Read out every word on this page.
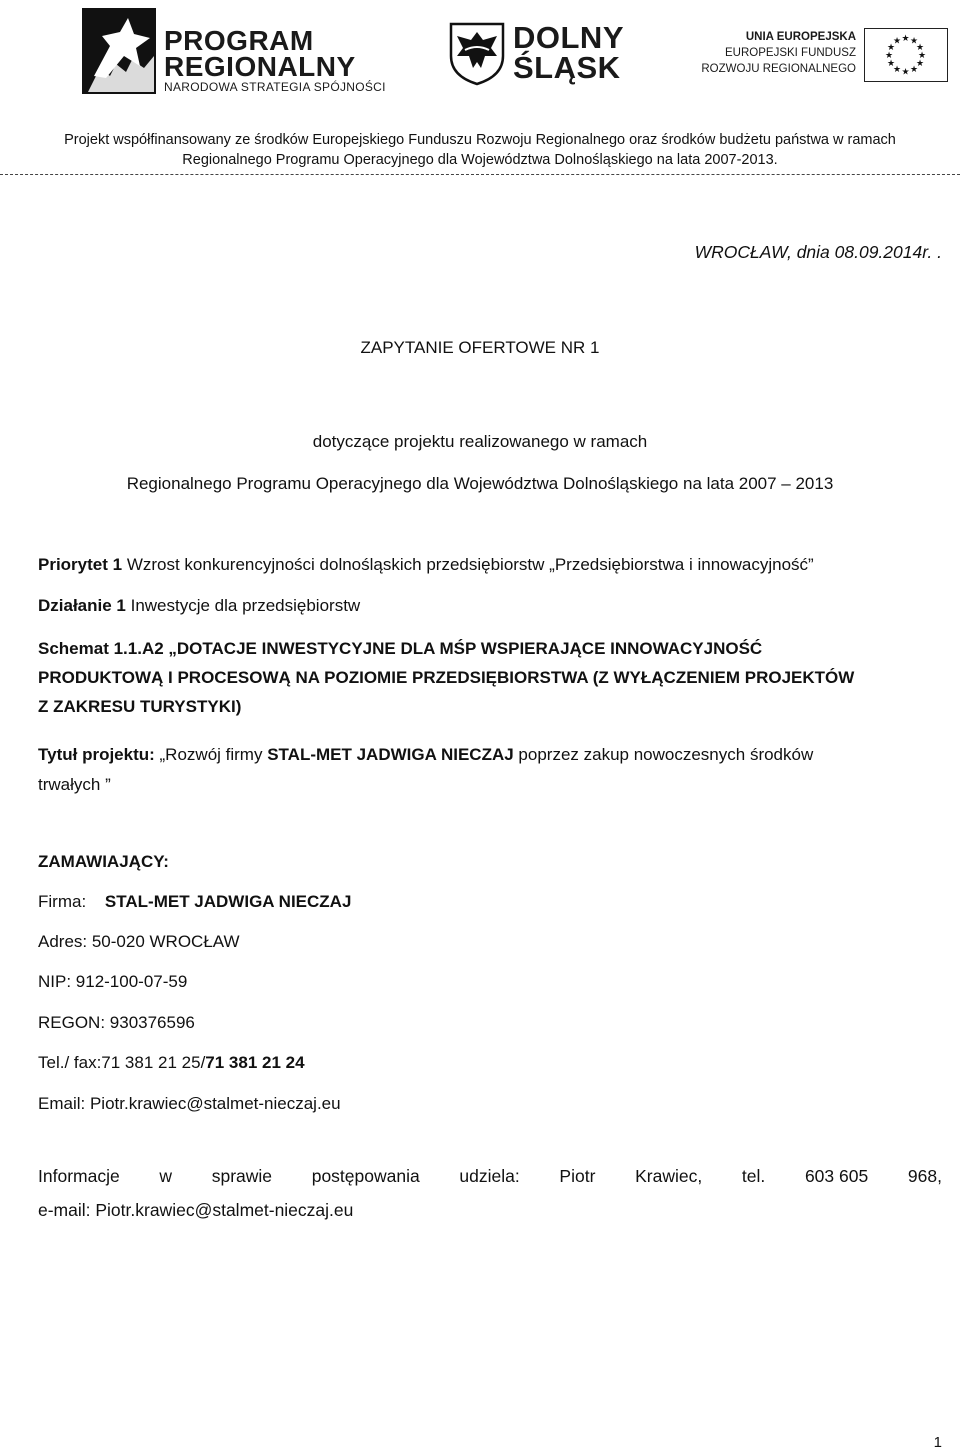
PROGRAM
REGIONALNY
NARODOWA STRATEGIA SPÓJNOŚCI
DOLNY
ŚLĄSK
UNIA EUROPEJSKA
EUROPEJSKI FUNDUSZ
ROZWOJU REGIONALNEGO
★ ★
★
★
★
★
★
★
★
★
★
★
Projekt współfinansowany ze środków Europejskiego Funduszu Rozwoju Regionalnego oraz środków budżetu państwa w ramach
Regionalnego Programu Operacyjnego dla Województwa Dolnośląskiego na lata 2007-2013.
WROCŁAW, dnia 08.09.2014r. .
ZAPYTANIE OFERTOWE NR 1
dotyczące projektu realizowanego w ramach
Regionalnego Programu Operacyjnego dla Województwa Dolnośląskiego na lata 2007 – 2013
Priorytet 1 Wzrost konkurencyjności dolnośląskich przedsiębiorstw „Przedsiębiorstwa i innowacyjność”
Działanie 1 Inwestycje dla przedsiębiorstw
Schemat 1.1.A2 „DOTACJE INWESTYCYJNE DLA MŚP WSPIERAJĄCE INNOWACYJNOŚĆ
PRODUKTOWĄ I PROCESOWĄ NA POZIOMIE PRZEDSIĘBIORSTWA (Z WYŁĄCZENIEM PROJEKTÓW
Z ZAKRESU TURYSTYKI)
Tytuł projektu: „Rozwój firmy STAL-MET JADWIGA NIECZAJ poprzez zakup nowoczesnych środków
trwałych ”
ZAMAWIAJĄCY:
Firma: STAL-MET JADWIGA NIECZAJ
Adres: 50-020 WROCŁAW
NIP: 912-100-07-59
REGON: 930376596
Tel./ fax:71 381 21 25/71 381 21 24
Email: Piotr.krawiec@stalmet-nieczaj.eu
Informacje w sprawie postępowania udziela: Piotr Krawiec, tel. 603 605 968,
e-mail: Piotr.krawiec@stalmet-nieczaj.eu
1
